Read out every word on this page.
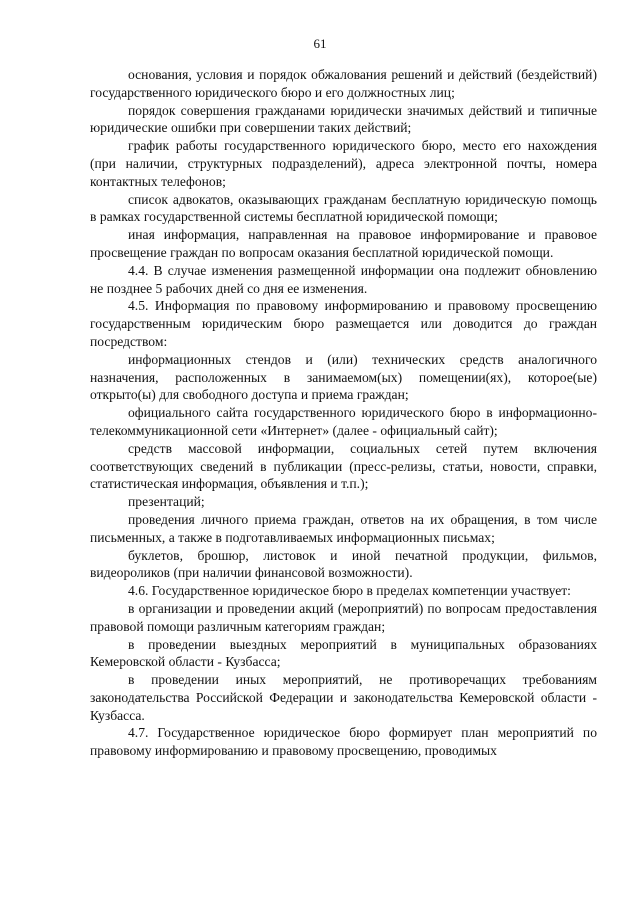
61

основания, условия и порядок обжалования решений и действий (бездействий) государственного юридического бюро и его должностных лиц;

порядок совершения гражданами юридически значимых действий и типичные юридические ошибки при совершении таких действий;

график работы государственного юридического бюро, место его нахождения (при наличии, структурных подразделений), адреса электронной почты, номера контактных телефонов;

список адвокатов, оказывающих гражданам бесплатную юридическую помощь в рамках государственной системы бесплатной юридической помощи;

иная информация, направленная на правовое информирование и правовое просвещение граждан по вопросам оказания бесплатной юридической помощи.

4.4. В случае изменения размещенной информации она подлежит обновлению не позднее 5 рабочих дней со дня ее изменения.

4.5. Информация по правовому информированию и правовому просвещению государственным юридическим бюро размещается или доводится до граждан посредством:

информационных стендов и (или) технических средств аналогичного назначения, расположенных в занимаемом(ых) помещении(ях), которое(ые) открыто(ы) для свободного доступа и приема граждан;

официального сайта государственного юридического бюро в информационно-телекоммуникационной сети «Интернет» (далее - официальный сайт);

средств массовой информации, социальных сетей путем включения соответствующих сведений в публикации (пресс-релизы, статьи, новости, справки, статистическая информация, объявления и т.п.);

презентаций;

проведения личного приема граждан, ответов на их обращения, в том числе письменных, а также в подготавливаемых информационных письмах;

буклетов, брошюр, листовок и иной печатной продукции, фильмов, видеороликов (при наличии финансовой возможности).

4.6. Государственное юридическое бюро в пределах компетенции участвует:

в организации и проведении акций (мероприятий) по вопросам предоставления правовой помощи различным категориям граждан;

в проведении выездных мероприятий в муниципальных образованиях Кемеровской области - Кузбасса;

в проведении иных мероприятий, не противоречащих требованиям законодательства Российской Федерации и законодательства Кемеровской области - Кузбасса.

4.7. Государственное юридическое бюро формирует план мероприятий по правовому информированию и правовому просвещению, проводимых
